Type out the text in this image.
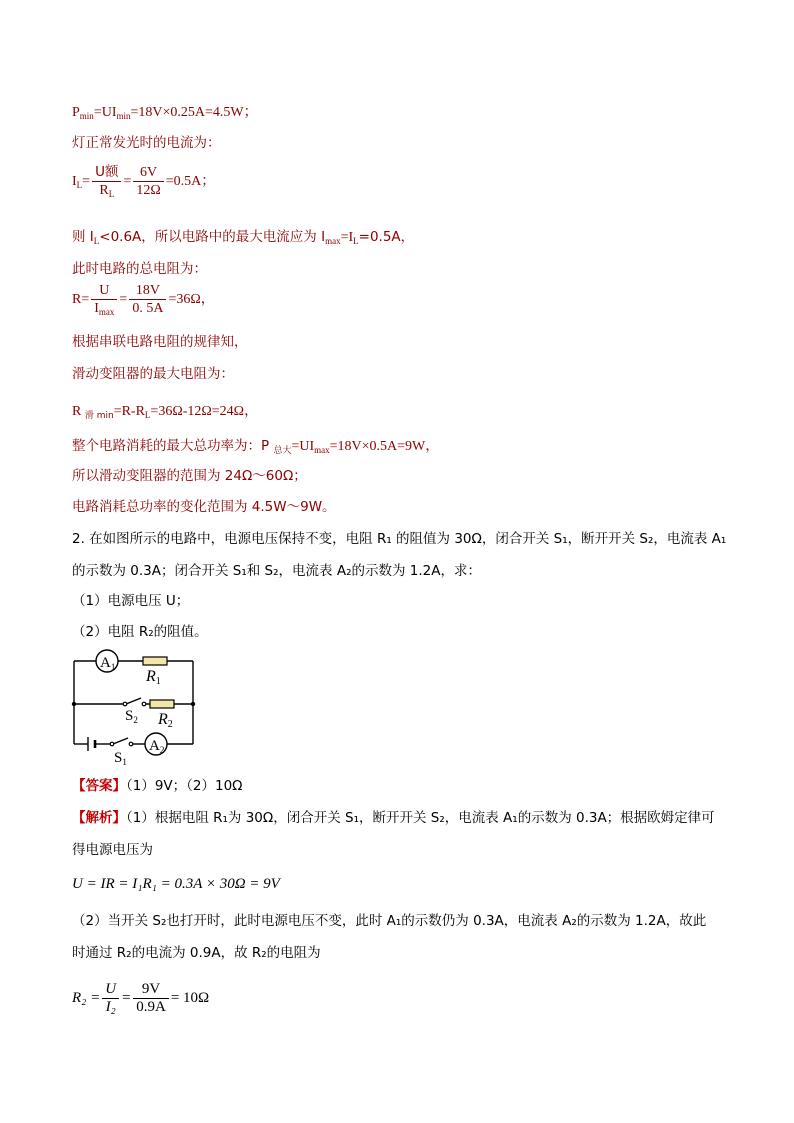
$P_{min}=UI_{min}=18V\times 0.25A=4.5W$；
灯正常发光时的电流为：
$I_L= \frac{\text{U额}}{R_L} = \frac{6V}{12\Omega} =0.5A$；
则 $I_L<0.6A$，所以电路中的最大电流应为 $I_{max}=I_L=0.5A$，
此时电路的总电阻为：
$R= \frac{U}{I_{max}} = \frac{18V}{0. 5A} =36\Omega$，
根据串联电路电阻的规律知，
滑动变阻器的最大电阻为：
R $_{滑 min}=R-R_L=36\Omega-12\Omega=24\Omega$，
整个电路消耗的最大总功率为：P $_{总大}=UI_{max}=18V\times 0.5A=9W$，
所以滑动变阻器的范围为 24Ω～60Ω；
电路消耗总功率的变化范围为 4.5W～9W。
2. 在如图所示的电路中，电源电压保持不变，电阻 R₁ 的阻值为 30Ω，闭合开关 S₁，断开开关 S₂，电流表 A₁
的示数为 0.3A；闭合开关 S₁和 S₂，电流表 A₂的示数为 1.2A，求：
（1）电源电压 U；
（2）电阻 R₂的阻值。
$A_1$
$A_2$
R1
R2
$S_2$
$S_1$
【答案】（1）9V；（2）10Ω
【解析】（1）根据电阻 R₁为 30Ω，闭合开关 S₁，断开开关 S₂，电流表 A₁的示数为 0.3A；根据欧姆定律可
得电源电压为
U = IR = I₁R₁ = 0.3A × 30Ω = 9V
（2）当开关 S₂也打开时，此时电源电压不变，此时 A₁的示数仍为 0.3A，电流表 A₂的示数为 1.2A，故此
时通过 R₂的电流为 0.9A，故 R₂的电阻为
$R_2 = \frac{U}{\text{I₂}} = \frac{9V}{0.9A} = 10\Omega$
